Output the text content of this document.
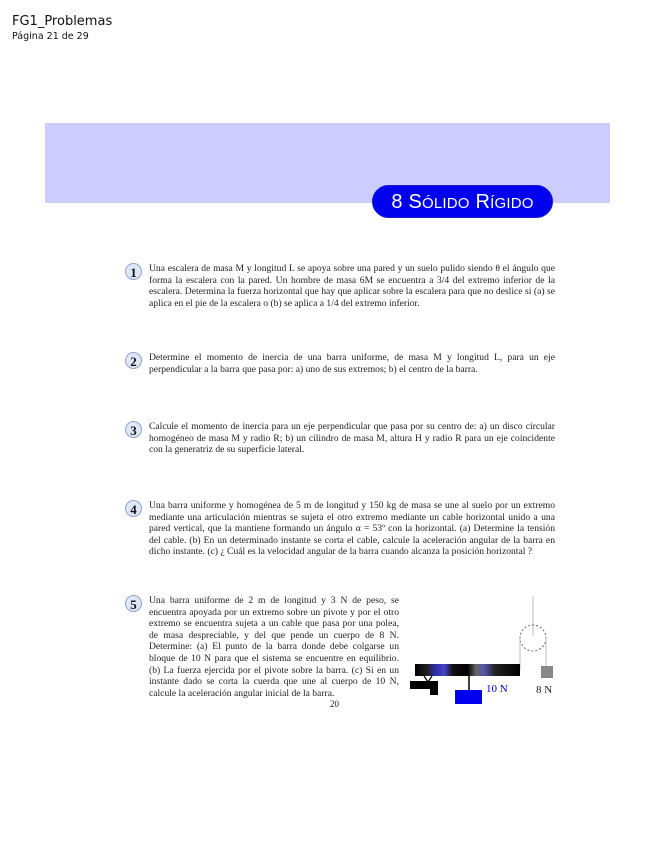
FG1_Problemas
Página 21 de 29
8 SÓLIDO RÍGIDO
1	Una escalera de masa M y longitud L se apoya sobre una pared y un suelo pulido siendo θ el ángulo que forma la escalera con la pared. Un hombre de masa 6M se encuentra a 3/4 del extremo inferior de la escalera. Determina la fuerza horizontal que hay que aplicar sobre la escalera para que no deslice si (a) se aplica en el pie de la escalera o (b) se aplica a 1/4 del extremo inferior.
2	Determine el momento de inercia de una barra uniforme, de masa M y longitud L, para un eje perpendicular a la barra que pasa por: a) uno de sus extremos; b) el centro de la barra.
3	Calcule el momento de inercia para un eje perpendicular que pasa por su centro de: a) un disco circular homogéneo de masa M y radio R; b) un cilindro de masa M, altura H y radio R para un eje coincidente con la generatriz de su superficie lateral.
4	Una barra uniforme y homogénea de 5 m de longitud y 150 kg de masa se une al suelo por un extremo mediante una articulación mientras se sujeta el otro extremo mediante un cable horizontal unido a una pared vertical, que la mantiene formando un ángulo α = 53º con la horizontal. (a) Determine la tensión del cable. (b) En un determinado instante se corta el cable, calcule la aceleración angular de la barra en dicho instante. (c) ¿ Cuál es la velocidad angular de la barra cuando alcanza la posición horizontal ?
5	Una barra uniforme de 2 m de longitud y 3 N de peso, se encuentra apoyada por un extremo sobre un pivote y por el otro extremo se encuentra sujeta a un cable que pasa por una polea, de masa despreciable, y del que pende un cuerpo de 8 N. Determine: (a) El punto de la barra donde debe colgarse un bloque de 10 N para que el sistema se encuentre en equilibrio. (b) La fuerza ejercida por el pivote sobre la barra. (c) Si en un instante dado se corta la cuerda que une al cuerpo de 10 N, calcule la aceleración angular inicial de la barra.	10 N	8 N
20
